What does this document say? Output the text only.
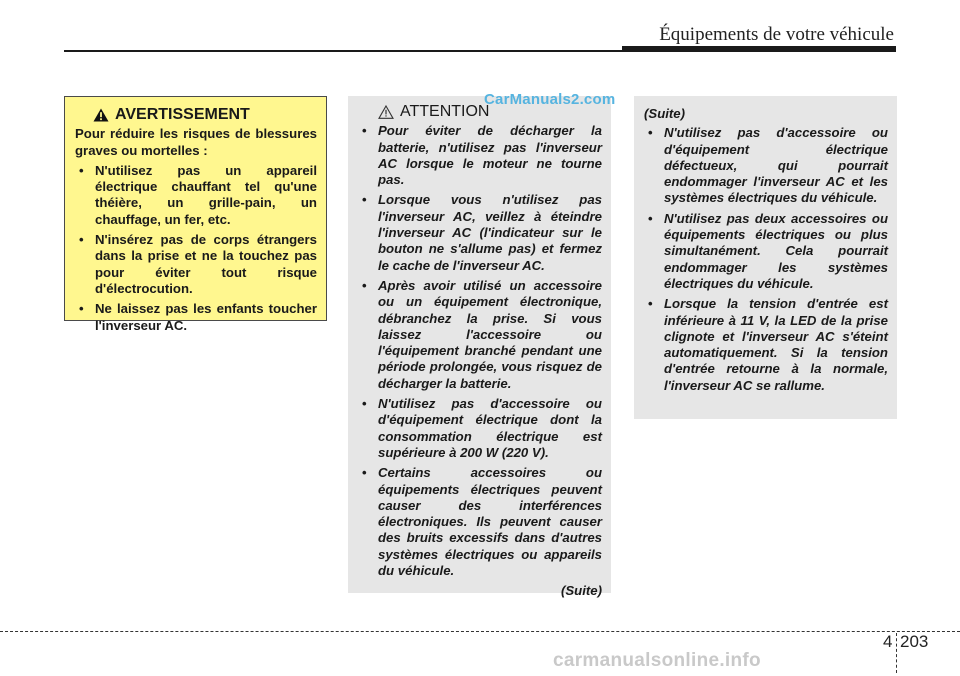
Équipements de votre véhicule
AVERTISSEMENT
Pour réduire les risques de blessures graves ou mortelles :
• N'utilisez pas un appareil électrique chauffant tel qu'une théière, un grille-pain, un chauffage, un fer, etc.
• N'insérez pas de corps étrangers dans la prise et ne la touchez pas pour éviter tout risque d'électrocution.
• Ne laissez pas les enfants toucher l'inverseur AC.
ATTENTION
• Pour éviter de décharger la batterie, n'utilisez pas l'inverseur AC lorsque le moteur ne tourne pas.
• Lorsque vous n'utilisez pas l'inverseur AC, veillez à éteindre l'inverseur AC (l'indicateur sur le bouton ne s'allume pas) et fermez le cache de l'inverseur AC.
• Après avoir utilisé un accessoire ou un équipement électronique, débranchez la prise. Si vous laissez l'accessoire ou l'équipement branché pendant une période prolongée, vous risquez de décharger la batterie.
• N'utilisez pas d'accessoire ou d'équipement électrique dont la consommation électrique est supérieure à 200 W (220 V).
• Certains accessoires ou équipements électriques peuvent causer des interférences électroniques. Ils peuvent causer des bruits excessifs dans d'autres systèmes électriques ou appareils du véhicule.
(Suite)
(Suite)
• N'utilisez pas d'accessoire ou d'équipement électrique défectueux, qui pourrait endommager l'inverseur AC et les systèmes électriques du véhicule.
• N'utilisez pas deux accessoires ou équipements électriques ou plus simultanément. Cela pourrait endommager les systèmes électriques du véhicule.
• Lorsque la tension d'entrée est inférieure à 11 V, la LED de la prise clignote et l'inverseur AC s'éteint automatiquement. Si la tension d'entrée retourne à la normale, l'inverseur AC se rallume.
CarManuals2.com
4 203
carmanualsonline.info
